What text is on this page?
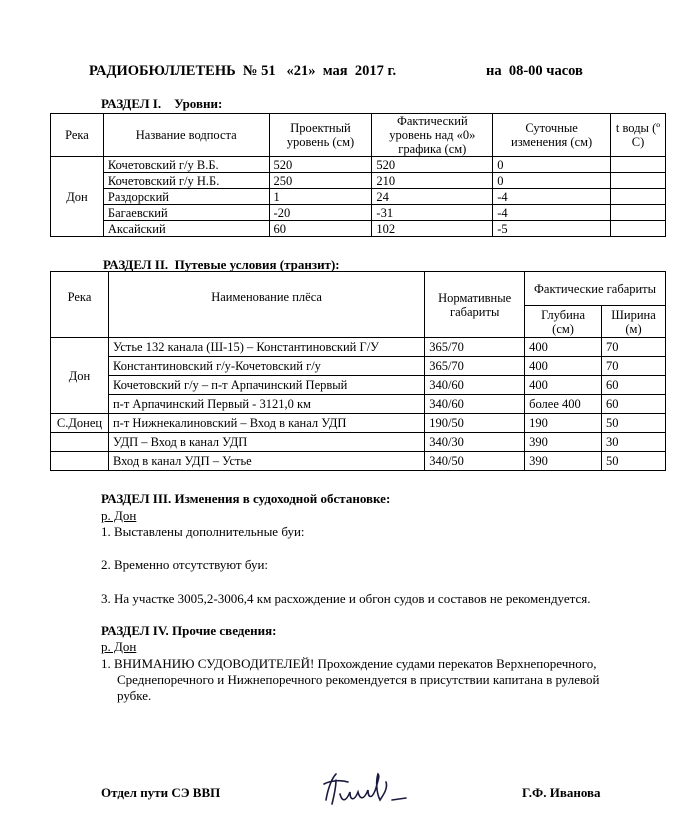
РАДИОБЮЛЛЕТЕНЬ  № 51   «21»  мая  2017 г.	на  08-00 часов
РАЗДЕЛ I.    Уровни:
Река	Название водпоста	Проектный уровень (см)	Фактический уровень над «0» графика (см)	Суточные изменения (см)	t воды (º С)
Дон	Кочетовский г/у В.Б.	520	520	0	
	Кочетовский г/у Н.Б.	250	210	0	
	Раздорский	1	24	-4	
	Багаевский	-20	-31	-4	
	Аксайский	60	102	-5	
РАЗДЕЛ II.  Путевые условия (транзит):
Река	Наименование плёса	Нормативные габариты	Фактические габариты	
			Глубина (см)	Ширина (м)
Дон	Устье 132 канала (Ш-15) – Константиновский Г/У	365/70	400	70
	Константиновский г/у-Кочетовский г/у	365/70	400	70
	Кочетовский г/у – п-т Арпачинский Первый	340/60	400	60
	п-т Арпачинский Первый - 3121,0 км	340/60	более 400	60
С.Донец	п-т Нижнекалиновский – Вход в канал УДП	190/50	190	50
	УДП – Вход в канал УДП	340/30	390	30
	Вход в канал УДП – Устье	340/50	390	50
РАЗДЕЛ III. Изменения в судоходной обстановке:
р. Дон
1. Выставлены дополнительные буи:
2. Временно отсутствуют буи:
3. На участке 3005,2-3006,4 км расхождение и обгон судов и составов не рекомендуется.
РАЗДЕЛ IV. Прочие сведения:
р. Дон
1. ВНИМАНИЮ СУДОВОДИТЕЛЕЙ! Прохождение судами перекатов Верхнепоречного,
Среднепоречного и Нижнепоречного рекомендуется в присутствии капитана в рулевой
рубке.
Отдел пути СЭ ВВП	Г.Ф. Иванова
